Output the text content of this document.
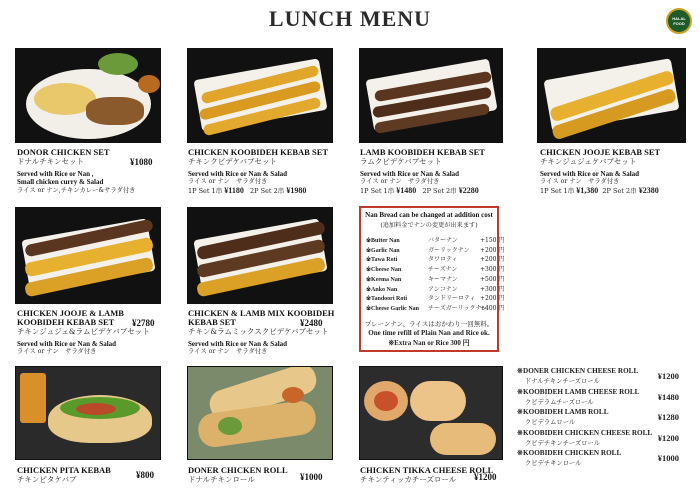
LUNCH MENU	HALAL FOOD
DONOR CHICKEN SET
ドナルチキンセット	¥1080
Served with Rice or Nan ,
Small chicken curry & Salad
ライス or ナン,チキンカレー&サラダ付き
CHICKEN KOOBIDEH KEBAB SET
チキンクビデケバブセット
Served with Rice or Nan & Salad
ライス or ナン　サラダ付き
1P Set 1串 ¥1180 2P Set 2串 ¥1980
LAMB KOOBIDEH KEBAB SET
ラムクビデケバブセット
Served with Rice or Nan & Salad
ライス or ナン　サラダ付き
1P Set 1串 ¥1480 2P Set 2串 ¥2280
CHICKEN JOOJE KEBAB SET
チキンジュジェケバブセット
Served with Rice or Nan & Salad
ライス or ナン　サラダ付き
1P Set 1串 ¥1,380 2P Set 2串 ¥2380
CHICKEN JOOJE & LAMB
KOOBIDEH KEBAB SET ¥2780
チキンジュジェ&ラムビデケバブセット
Served with Rice or Nan & Salad
ライス or ナン　サラダ付き
CHICKEN & LAMB MIX KOOBIDEH
KEBAB SET	¥2480
チキン&ラムミックスクビデケバブセット
Served with Rice or Nan & Salad
ライス or ナン　サラダ付き
Nan Bread can be changed at addition cost
(追加料金でナンの変更が出来ます)
※Butter Nan	バターナン	+150 円
※Garlic Nan	ガーリックナン +200 円
※Tawa Roti	タワロティ	+200 円
※Cheese Nan	チーズナン	+300 円
※Keema Nan	キーマナン	+500 円
※Anko Nan	アンコナン	+300 円
※Tandoori Roti	タンドリーロティ +200 円
※Cheese Garlic Nan チーズガーリックナン
+400 円
プレーンナン、ライスはおかわり一回無料。
One time refill of Plain Nan and Rice ok.
※Extra Nan or Rice 300 円
CHICKEN PITA KEBAB
チキンピタケバブ	¥800	DONER CHICKEN ROLL
ドナルチキンロール	¥1000
CHICKEN TIKKA CHEESE ROLL
チキンティッカチーズロール ¥1200
※DONER CHICKEN CHEESE ROLL
ドナルチキンチーズロール
¥1200
※KOOBIDEH LAMB CHEESE ROLL
クビデラムチーズロール
¥1480
※KOOBIDEH LAMB ROLL
クビデラムロール
¥1280
※KOOBIDEH CHICKEN CHEESE ROLL
クビデチキンチーズロール
¥1200
※KOOBIDEH CHICKEN ROLL
クビデチキンロール
¥1000
